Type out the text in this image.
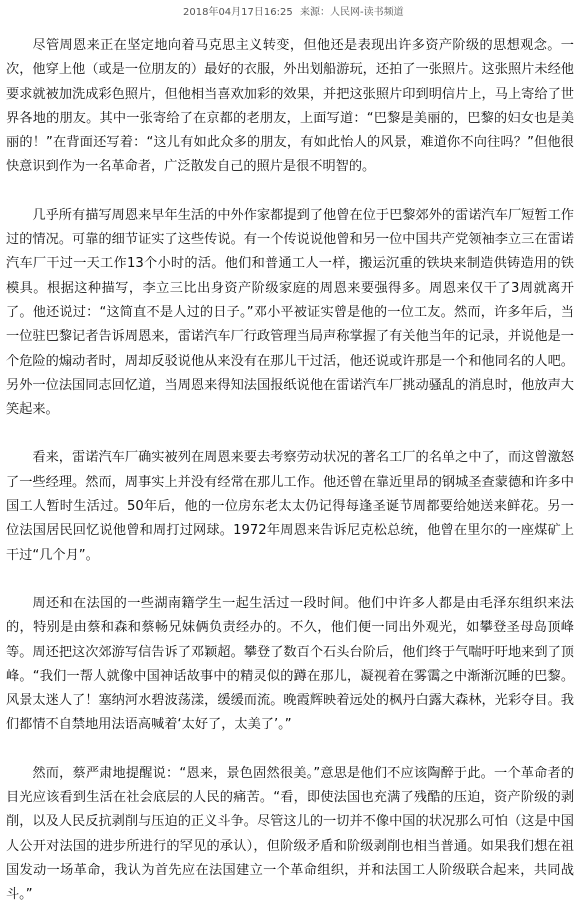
2018年04月17日16:25 来源：人民网-读书频道

尽管周恩来正在坚定地向着马克思主义转变，但他还是表现出许多资产阶级的思想观念。一次，他穿上他（或是一位朋友的）最好的衣服，外出划船游玩，还拍了一张照片。这张照片未经他要求就被加洗成彩色照片，但他相当喜欢加彩的效果，并把这张照片印到明信片上，马上寄给了世界各地的朋友。其中一张寄给了在京都的老朋友，上面写道：“巴黎是美丽的，巴黎的妇女也是美丽的！”在背面还写着：“这儿有如此众多的朋友，有如此怡人的风景，难道你不向往吗？”但他很快意识到作为一名革命者，广泛散发自己的照片是很不明智的。

几乎所有描写周恩来早年生活的中外作家都提到了他曾在位于巴黎郊外的雷诺汽车厂短暂工作过的情况。可靠的细节证实了这些传说。有一个传说说他曾和另一位中国共产党领袖李立三在雷诺汽车厂干过一天工作13个小时的活。他们和普通工人一样，搬运沉重的铁块来制造供铸造用的铁模具。根据这种描写，李立三比出身资产阶级家庭的周恩来要强得多。周恩来仅干了3周就离开了。他还说过：“这简直不是人过的日子。”邓小平被证实曾是他的一位工友。然而，许多年后，当一位驻巴黎记者告诉周恩来，雷诺汽车厂行政管理当局声称掌握了有关他当年的记录，并说他是一个危险的煽动者时，周却反驳说他从来没有在那儿干过活，他还说或许那是一个和他同名的人吧。另外一位法国同志回忆道，当周恩来得知法国报纸说他在雷诺汽车厂挑动骚乱的消息时，他放声大笑起来。

看来，雷诺汽车厂确实被列在周恩来要去考察劳动状况的著名工厂的名单之中了，而这曾激怒了一些经理。然而，周事实上并没有经常在那儿工作。他还曾在靠近里昂的钢城圣查蒙德和许多中国工人暂时生活过。50年后，他的一位房东老太太仍记得每逢圣诞节周都要给她送来鲜花。另一位法国居民回忆说他曾和周打过网球。1972年周恩来告诉尼克松总统，他曾在里尔的一座煤矿上干过“几个月”。

周还和在法国的一些湖南籍学生一起生活过一段时间。他们中许多人都是由毛泽东组织来法的，特别是由蔡和森和蔡畅兄妹俩负责经办的。不久，他们便一同出外观光，如攀登圣母岛顶峰等。周还把这次郊游写信告诉了邓颖超。攀登了数百个石头台阶后，他们终于气喘吁吁地来到了顶峰。“我们一帮人就像中国神话故事中的精灵似的蹲在那儿，凝视着在雾霭之中渐渐沉睡的巴黎。风景太迷人了！塞纳河水碧波荡漾，缓缓而流。晚霞辉映着远处的枫丹白露大森林，光彩夺目。我们都情不自禁地用法语高喊着‘太好了，太美了’。”

然而，蔡严肃地提醒说：“恩来，景色固然很美。”意思是他们不应该陶醉于此。一个革命者的目光应该看到生活在社会底层的人民的痛苦。“看，即使法国也充满了残酷的压迫，资产阶级的剥削，以及人民反抗剥削与压迫的正义斗争。尽管这儿的一切并不像中国的状况那么可怕（这是中国人公开对法国的进步所进行的罕见的承认），但阶级矛盾和阶级剥削也相当普通。如果我们想在祖国发动一场革命，我认为首先应在法国建立一个革命组织，并和法国工人阶级联合起来，共同战斗。”
